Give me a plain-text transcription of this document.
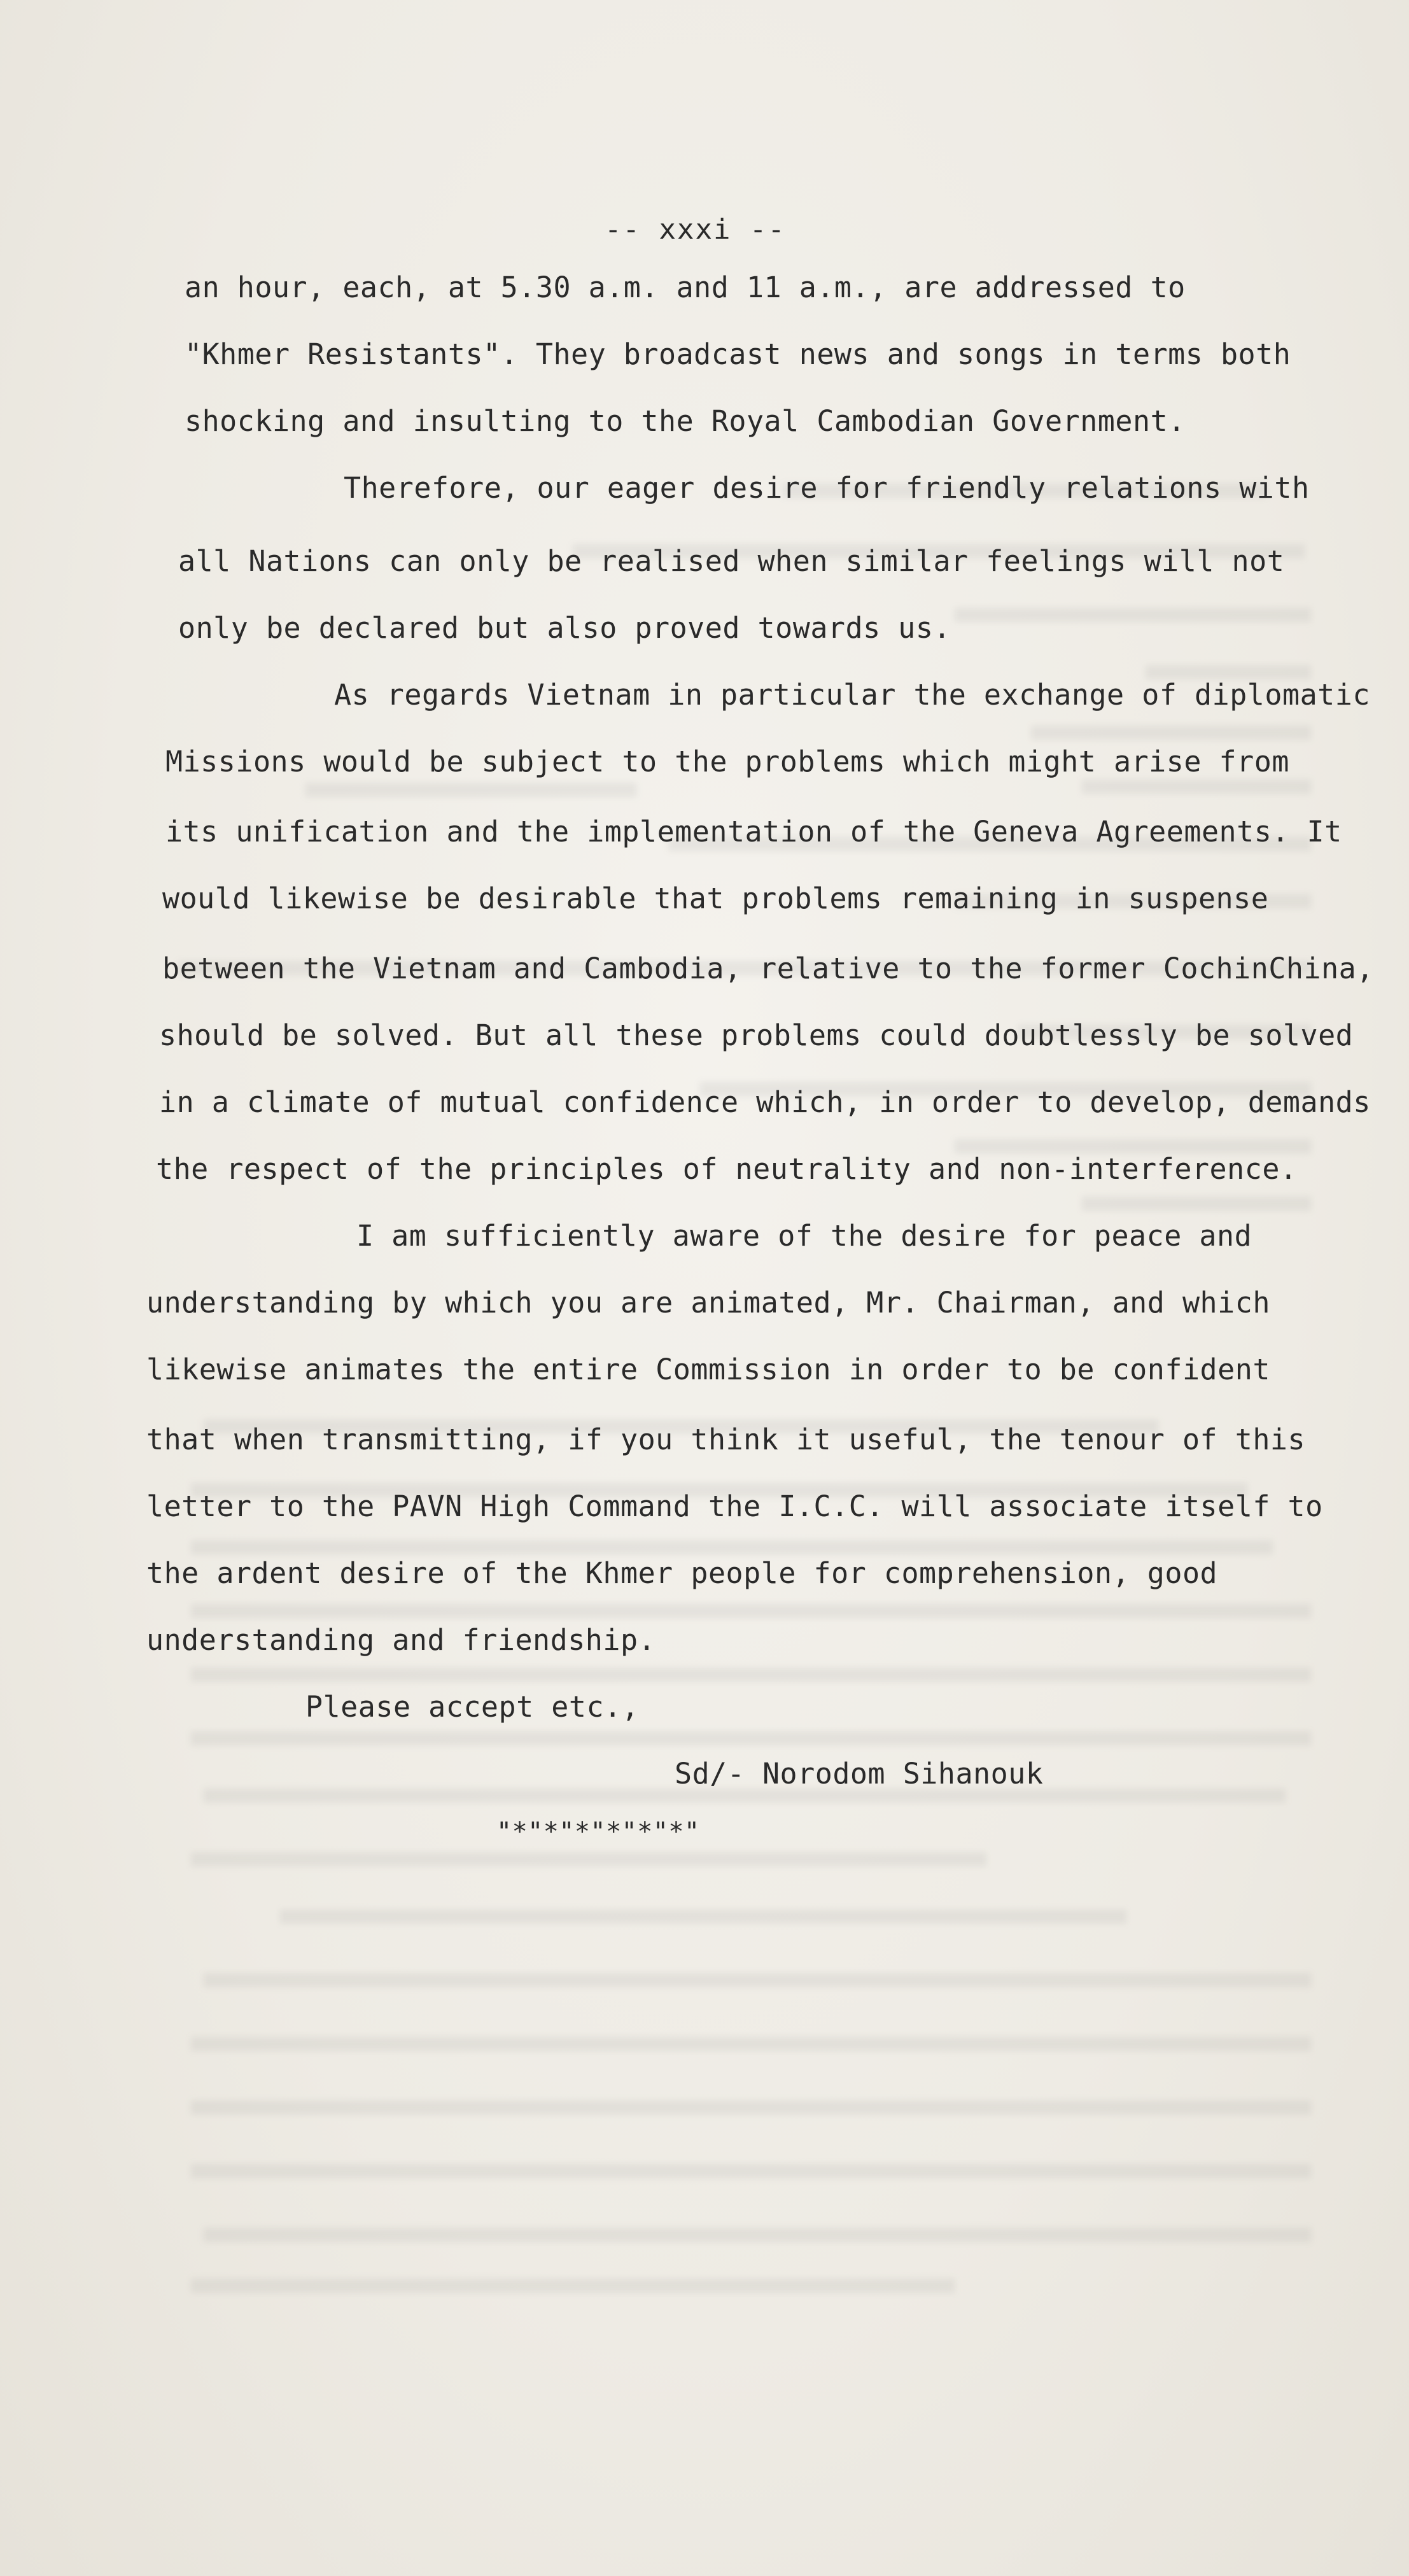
-- xxxi --
an hour, each, at 5.30 a.m. and 11 a.m., are addressed to
"Khmer Resistants". They broadcast news and songs in terms both
shocking and insulting to the Royal Cambodian Government.
Therefore, our eager desire for friendly relations with
all Nations can only be realised when similar feelings will not
only be declared but also proved towards us.
As regards Vietnam in particular the exchange of diplomatic
Missions would be subject to the problems which might arise from
its unification and the implementation of the Geneva Agreements. It
would likewise be desirable that problems remaining in suspense
between the Vietnam and Cambodia, relative to the former CochinChina,
should be solved. But all these problems could doubtlessly be solved
in a climate of mutual confidence which, in order to develop, demands
the respect of the principles of neutrality and non-interference.
I am sufficiently aware of the desire for peace and
understanding by which you are animated, Mr. Chairman, and which
likewise animates the entire Commission in order to be confident
that when transmitting, if you think it useful, the tenour of this
letter to the PAVN High Command the I.C.C. will associate itself to
the ardent desire of the Khmer people for comprehension, good
understanding and friendship.
Please accept etc.,
Sd/- Norodom Sihanouk
"*"*"*"*"*"*"
